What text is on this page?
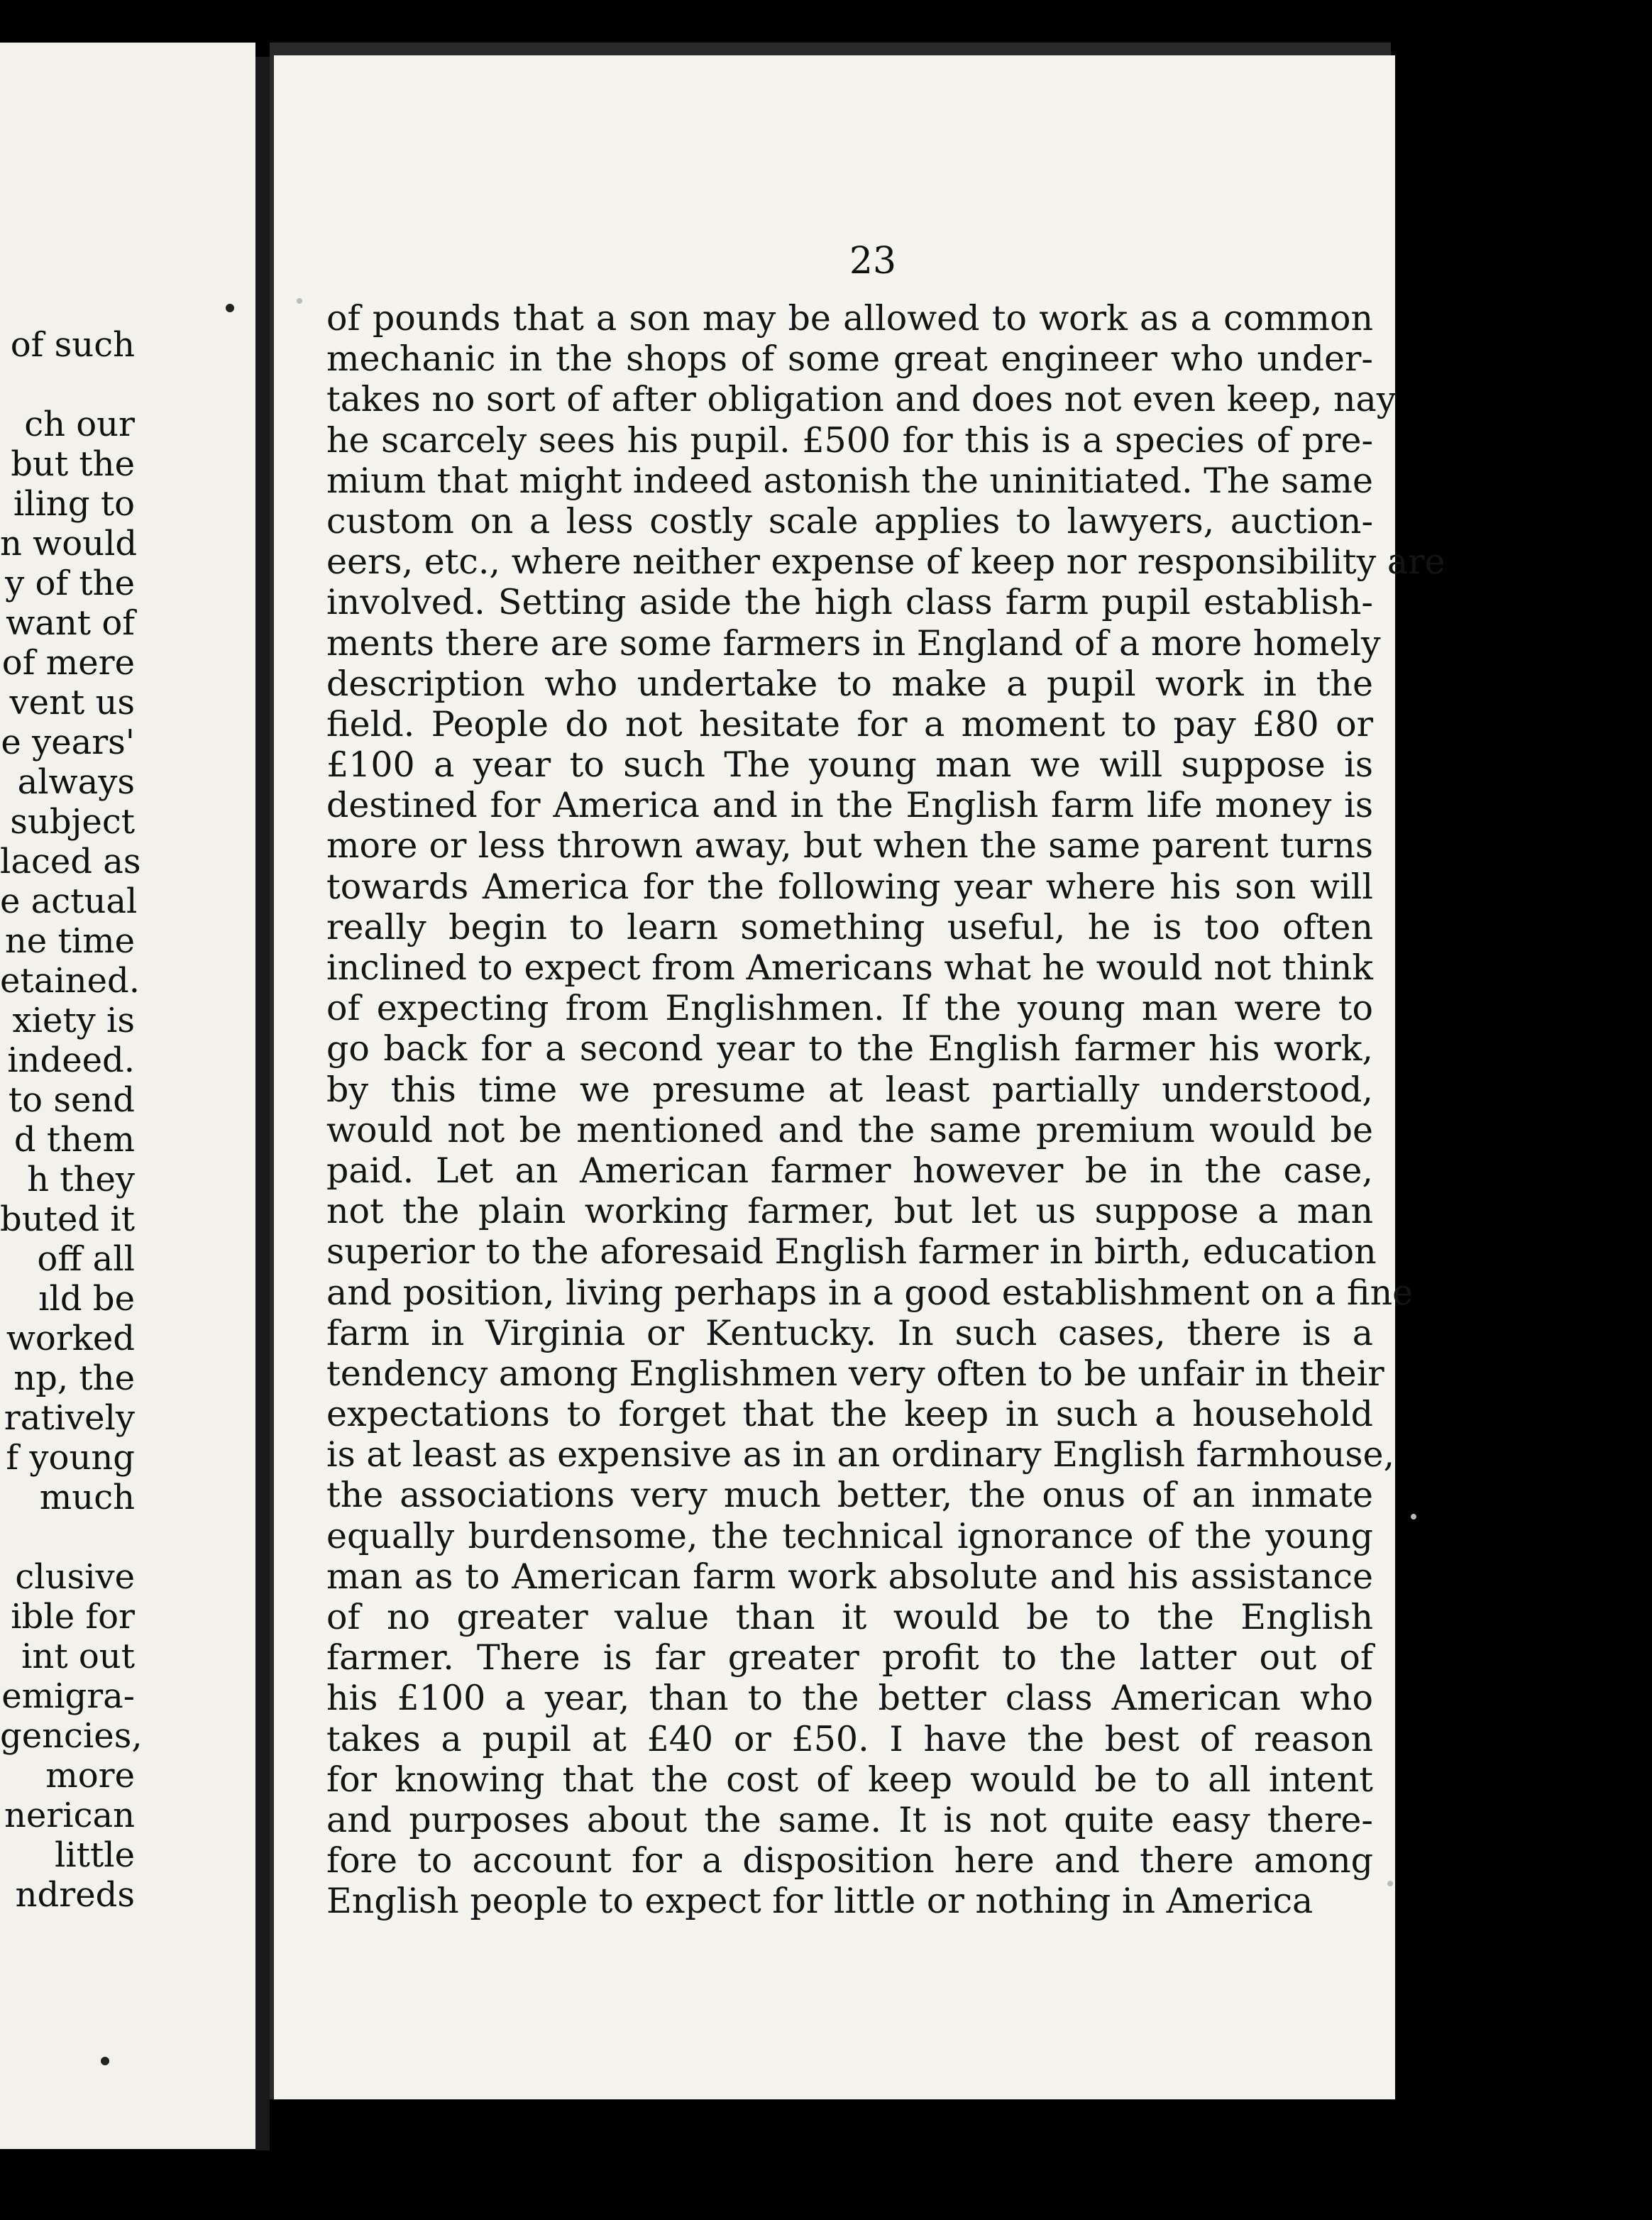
of such
ch our
but the
iling to
n would
y of the
want of
of mere
vent us
e years'
always
subject
laced as
e actual
ne time
etained.
xiety is
indeed.
to send
d them
h they
buted it
off all
ıld be
worked
np, the
ratively
f young
much
clusive
ible for
int out
emigra-
gencies,
more
nerican
little
ndreds
23
of pounds that a son may be allowed to work as a common
mechanic in the shops of some great engineer who under-
takes no sort of after obligation and does not even keep, nay
he scarcely sees his pupil. £500 for this is a species of pre-
mium that might indeed astonish the uninitiated. The same
custom on a less costly scale applies to lawyers, auction-
eers, etc., where neither expense of keep nor responsibility are
involved. Setting aside the high class farm pupil establish-
ments there are some farmers in England of a more homely
description who undertake to make a pupil work in the
field. People do not hesitate for a moment to pay £80 or
£100 a year to such The young man we will suppose is
destined for America and in the English farm life money is
more or less thrown away, but when the same parent turns
towards America for the following year where his son will
really begin to learn something useful, he is too often
inclined to expect from Americans what he would not think
of expecting from Englishmen. If the young man were to
go back for a second year to the English farmer his work,
by this time we presume at least partially understood,
would not be mentioned and the same premium would be
paid. Let an American farmer however be in the case,
not the plain working farmer, but let us suppose a man
superior to the aforesaid English farmer in birth, education
and position, living perhaps in a good establishment on a fine
farm in Virginia or Kentucky. In such cases, there is a
tendency among Englishmen very often to be unfair in their
expectations to forget that the keep in such a household
is at least as expensive as in an ordinary English farmhouse,
the associations very much better, the onus of an inmate
equally burdensome, the technical ignorance of the young
man as to American farm work absolute and his assistance
of no greater value than it would be to the English
farmer. There is far greater profit to the latter out of
his £100 a year, than to the better class American who
takes a pupil at £40 or £50. I have the best of reason
for knowing that the cost of keep would be to all intent
and purposes about the same. It is not quite easy there-
fore to account for a disposition here and there among
English people to expect for little or nothing in America
